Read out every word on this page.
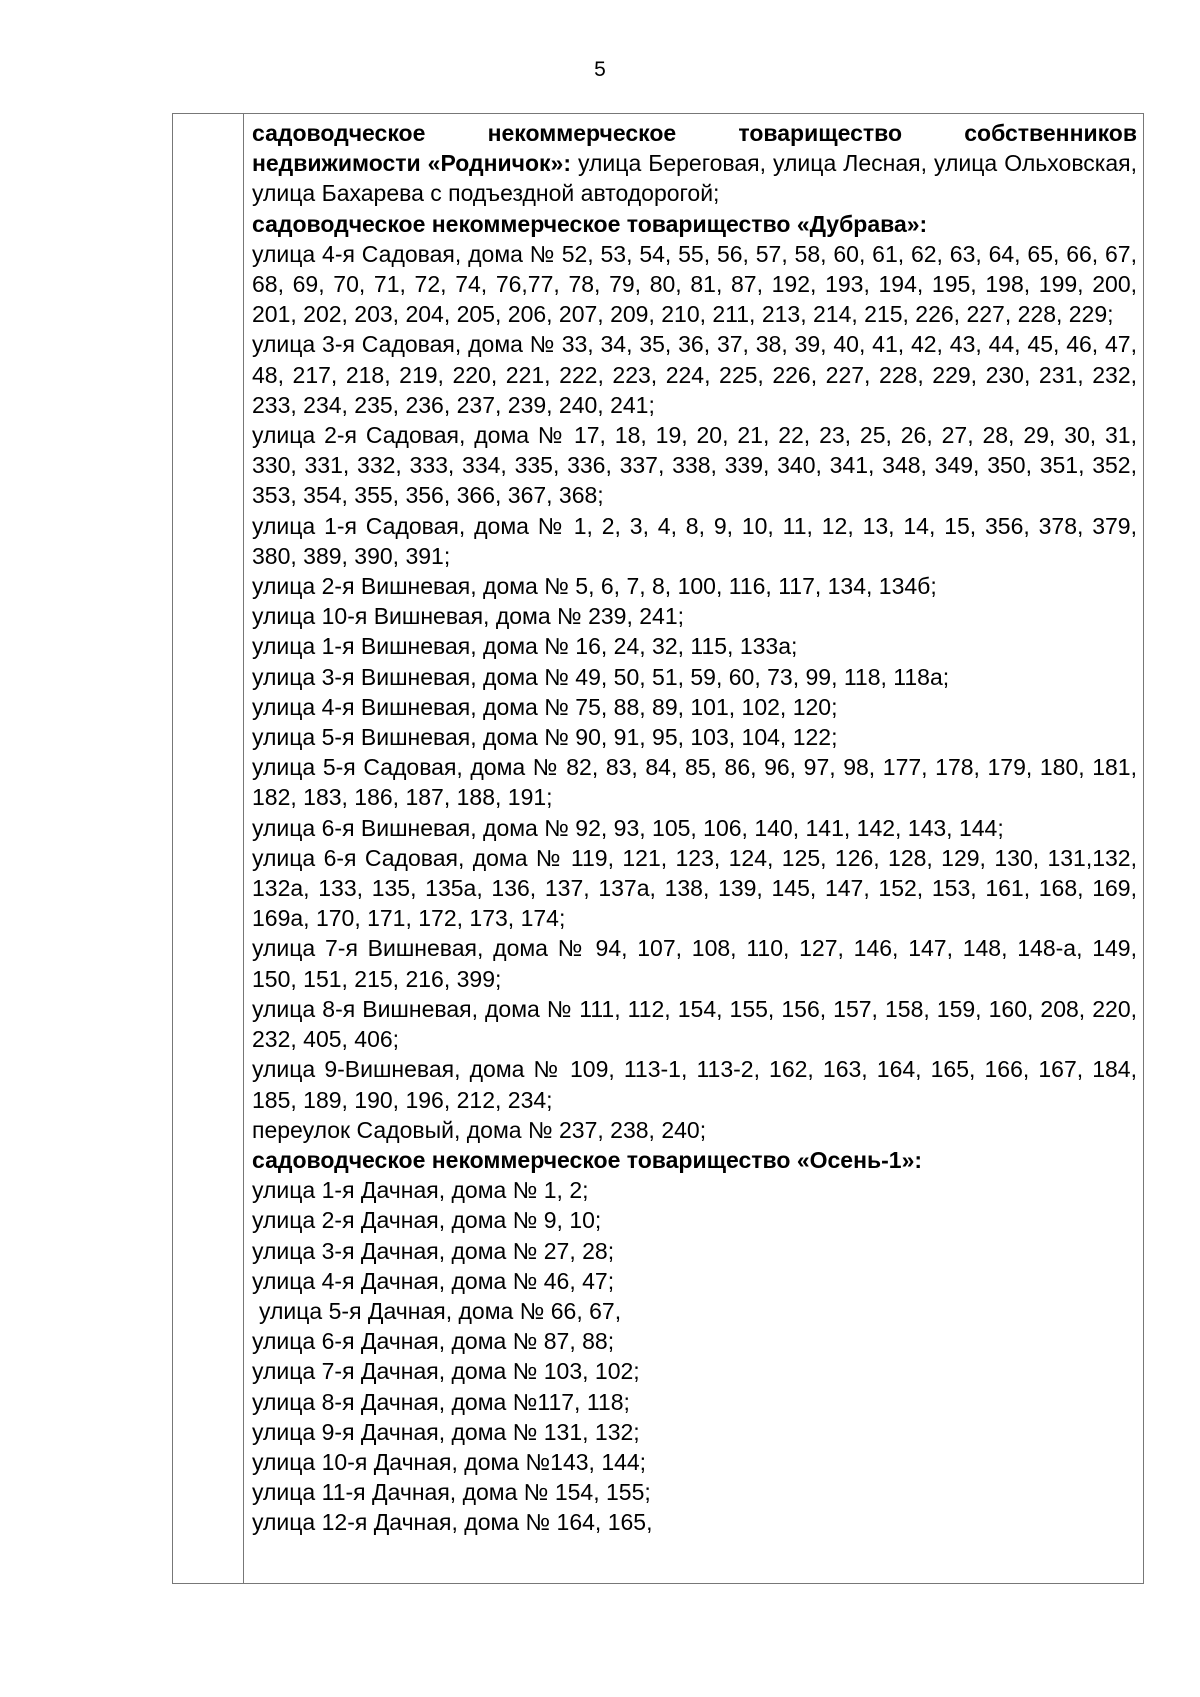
5

садоводческое некоммерческое товарищество собственников недвижимости «Родничок»: улица Береговая, улица Лесная, улица Ольховская, улица Бахарева с подъездной автодорогой;

садоводческое некоммерческое товарищество «Дубрава»:

улица 4-я Садовая, дома № 52, 53, 54, 55, 56, 57, 58, 60, 61, 62, 63, 64, 65, 66, 67, 68, 69, 70, 71, 72, 74, 76,77, 78, 79, 80, 81, 87, 192, 193, 194, 195, 198, 199, 200, 201, 202, 203, 204, 205, 206, 207, 209, 210, 211, 213, 214, 215, 226, 227, 228, 229;

улица 3-я Садовая, дома № 33, 34, 35, 36, 37, 38, 39, 40, 41, 42, 43, 44, 45, 46, 47, 48, 217, 218, 219, 220, 221, 222, 223, 224, 225, 226, 227, 228, 229, 230, 231, 232, 233, 234, 235, 236, 237, 239, 240, 241;

улица 2-я Садовая, дома № 17, 18, 19, 20, 21, 22, 23, 25, 26, 27, 28, 29, 30, 31, 330, 331, 332, 333, 334, 335, 336, 337, 338, 339, 340, 341, 348, 349, 350, 351, 352, 353, 354, 355, 356, 366, 367, 368;

улица 1-я Садовая, дома № 1, 2, 3, 4, 8, 9, 10, 11, 12, 13, 14, 15, 356, 378, 379, 380, 389, 390, 391;

улица 2-я Вишневая, дома № 5, 6, 7, 8, 100, 116, 117, 134, 134б;

улица 10-я Вишневая, дома № 239, 241;

улица 1-я Вишневая, дома № 16, 24, 32, 115, 133а;

улица 3-я Вишневая, дома № 49, 50, 51, 59, 60, 73, 99, 118, 118а;

улица 4-я Вишневая, дома № 75, 88, 89, 101, 102, 120;

улица 5-я Вишневая, дома № 90, 91, 95, 103, 104, 122;

улица 5-я Садовая, дома № 82, 83, 84, 85, 86, 96, 97, 98, 177, 178, 179, 180, 181, 182, 183, 186, 187, 188, 191;

улица 6-я Вишневая, дома № 92, 93, 105, 106, 140, 141, 142, 143, 144;

улица 6-я Садовая, дома № 119, 121, 123, 124, 125, 126, 128, 129, 130, 131,132, 132а, 133, 135, 135а, 136, 137, 137а, 138, 139, 145, 147, 152, 153, 161, 168, 169, 169а, 170, 171, 172, 173, 174;

улица 7-я Вишневая, дома № 94, 107, 108, 110, 127, 146, 147, 148, 148-а, 149, 150, 151, 215, 216, 399;

улица 8-я Вишневая, дома № 111, 112, 154, 155, 156, 157, 158, 159, 160, 208, 220, 232, 405, 406;

улица 9-Вишневая, дома № 109, 113-1, 113-2, 162, 163, 164, 165, 166, 167, 184, 185, 189, 190, 196, 212, 234;

переулок Садовый, дома № 237, 238, 240;

садоводческое некоммерческое товарищество «Осень-1»:

улица 1-я Дачная, дома № 1, 2;

улица 2-я Дачная, дома № 9, 10;

улица 3-я Дачная, дома № 27, 28;

улица 4-я Дачная, дома № 46, 47;

улица 5-я Дачная, дома № 66, 67,

улица 6-я Дачная, дома № 87, 88;

улица 7-я Дачная, дома № 103, 102;

улица 8-я Дачная, дома №117, 118;

улица 9-я Дачная, дома № 131, 132;

улица 10-я Дачная, дома №143, 144;

улица 11-я Дачная, дома № 154, 155;

улица 12-я Дачная, дома № 164, 165,
